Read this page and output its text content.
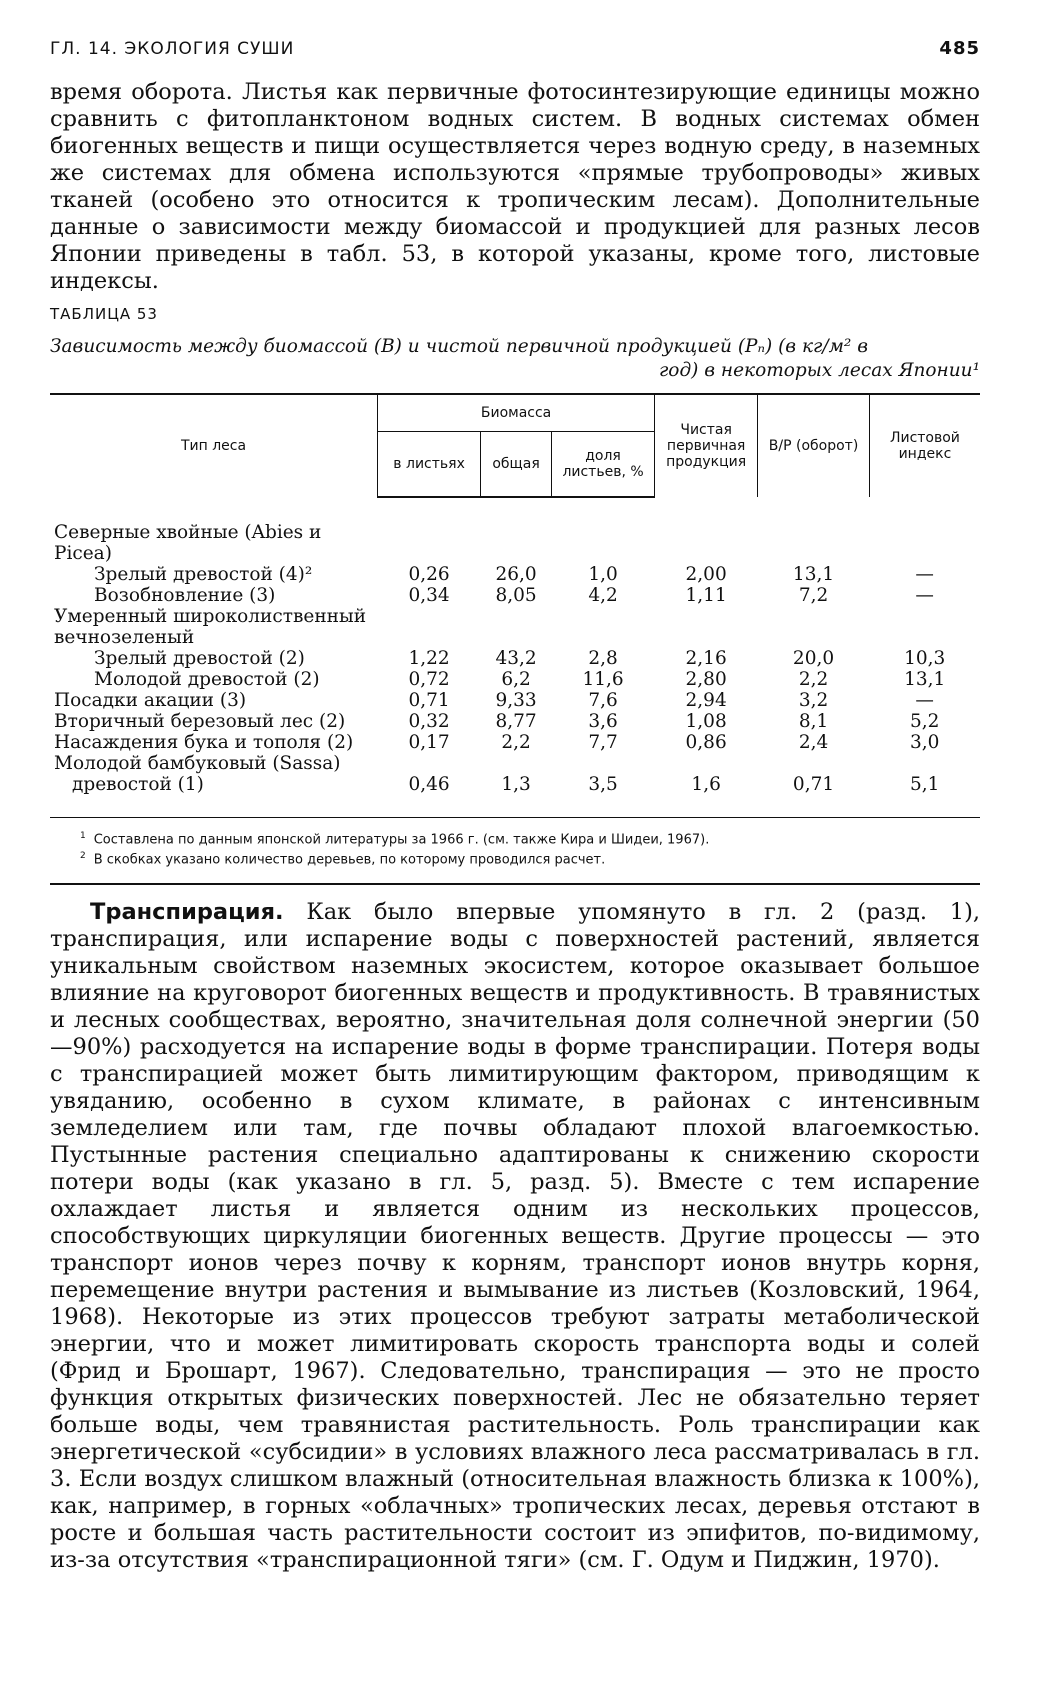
ГЛ. 14. ЭКОЛОГИЯ СУШИ	485

время оборота. Листья как первичные фотосинтезирующие единицы можно сравнить с фитопланктоном водных систем. В водных системах обмен биогенных веществ и пищи осуществляется через водную среду, в наземных же системах для обмена используются «прямые трубопроводы» живых тканей (особено это относится к тропическим лесам). Дополнительные данные о зависимости между биомассой и продукцией для разных лесов Японии приведены в табл. 53, в которой указаны, кроме того, листовые индексы.

ТАБЛИЦА 53
Зависимость между биомассой (B) и чистой первичной продукцией (Pₙ) (в кг/м² в
год) в некоторых лесах Японии¹
Тип леса	Биомасса			Чистая первичная продукция	B/P (оборот)	Листовой индекс
	в листьях	общая	доля листьев, %			

Северные хвойные (Abies и Picea)						
Зрелый древостой (4)²	0,26	26,0	1,0	2,00	13,1	—
Возобновление (3)	0,34	8,05	4,2	1,11	7,2	—
Умеренный широколиственный вечнозеленый						
Зрелый древостой (2)	1,22	43,2	2,8	2,16	20,0	10,3
Молодой древостой (2)	0,72	6,2	11,6	2,80	2,2	13,1
Посадки акации (3)	0,71	9,33	7,6	2,94	3,2	—
Вторичный березовый лес (2)	0,32	8,77	3,6	1,08	8,1	5,2
Насаждения бука и тополя (2)	0,17	2,2	7,7	0,86	2,4	3,0
Молодой бамбуковый (Sassa)						
древостой (1)	0,46	1,3	3,5	1,6	0,71	5,1
$^1$ Составлена по данным японской литературы за 1966 г. (см. также Кира и Шидеи, 1967).
$^2$ В скобках указано количество деревьев, по которому проводился расчет.

Транспирация. Как было впервые упомянуто в гл. 2 (разд. 1), транспирация, или испарение воды с поверхностей растений, является уникальным свойством наземных экосистем, которое оказывает большое влияние на круговорот биогенных веществ и продуктивность. В травянистых и лесных сообществах, вероятно, значительная доля солнечной энергии (50—90%) расходуется на испарение воды в форме транспирации. Потеря воды с транспирацией может быть лимитирующим фактором, приводящим к увяданию, особенно в сухом климате, в районах с интенсивным земледелием или там, где почвы обладают плохой влагоемкостью. Пустынные растения специально адаптированы к снижению скорости потери воды (как указано в гл. 5, разд. 5). Вместе с тем испарение охлаждает листья и является одним из нескольких процессов, способствующих циркуляции биогенных веществ. Другие процессы — это транспорт ионов через почву к корням, транспорт ионов внутрь корня, перемещение внутри растения и вымывание из листьев (Козловский, 1964, 1968). Некоторые из этих процессов требуют затраты метаболической энергии, что и может лимитировать скорость транспорта воды и солей (Фрид и Брошарт, 1967). Следовательно, транспирация — это не просто функция открытых физических поверхностей. Лес не обязательно теряет больше воды, чем травянистая растительность. Роль транспирации как энергетической «субсидии» в условиях влажного леса рассматривалась в гл. 3. Если воздух слишком влажный (относительная влажность близка к 100%), как, например, в горных «облачных» тропических лесах, деревья отстают в росте и большая часть растительности состоит из эпифитов, по-видимому, из-за отсутствия «транспирационной тяги» (см. Г. Одум и Пиджин, 1970).
